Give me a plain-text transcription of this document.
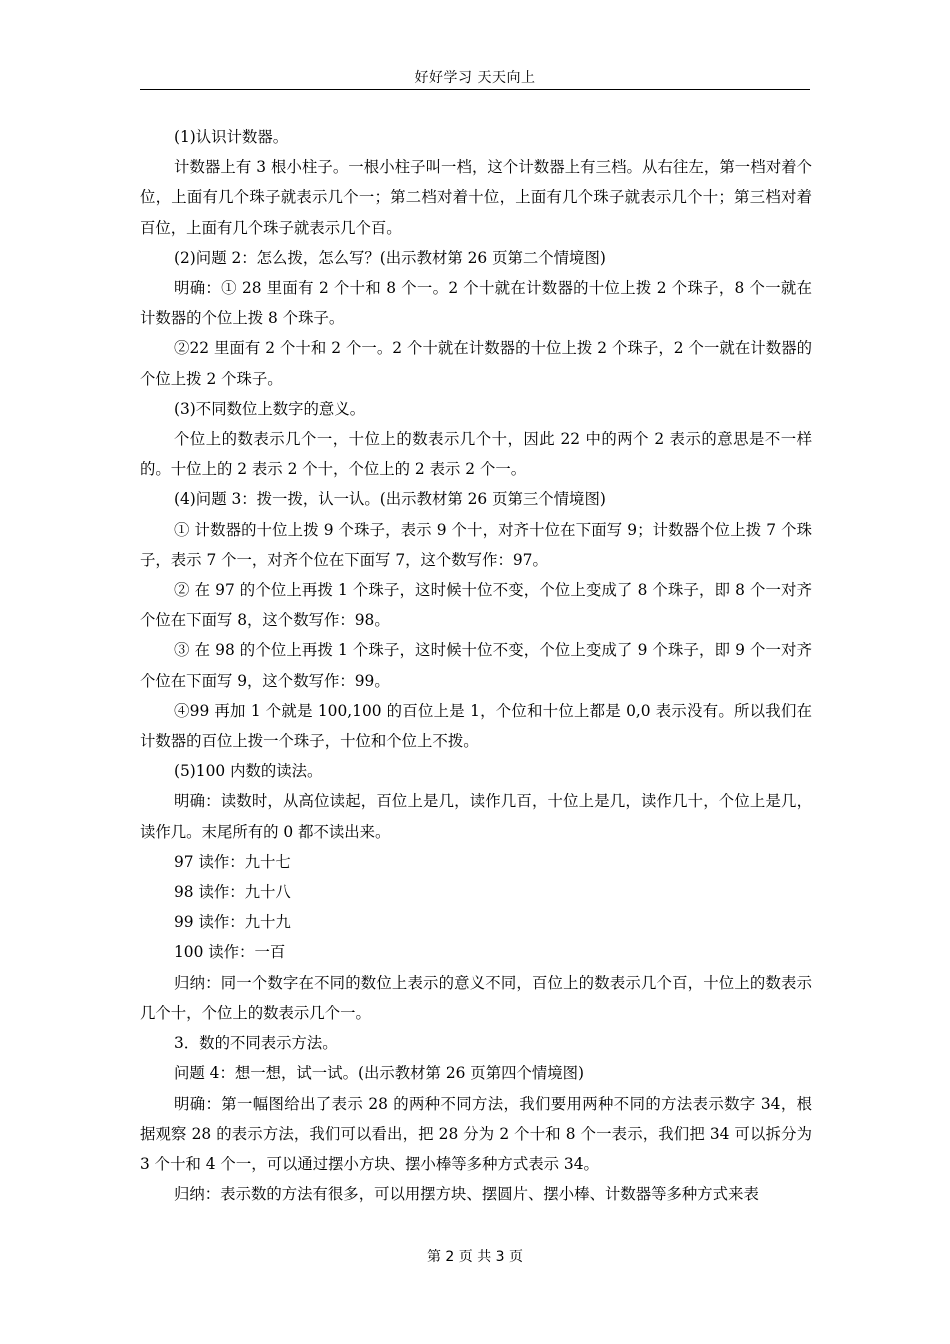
好好学习 天天向上

(1)认识计数器。

计数器上有 3 根小柱子。一根小柱子叫一档，这个计数器上有三档。从右往左，第一档对着个位，上面有几个珠子就表示几个一；第二档对着十位，上面有几个珠子就表示几个十；第三档对着百位，上面有几个珠子就表示几个百。

(2)问题 2：怎么拨，怎么写？(出示教材第 26 页第二个情境图)

明确：① 28 里面有 2 个十和 8 个一。2 个十就在计数器的十位上拨 2 个珠子，8 个一就在计数器的个位上拨 8 个珠子。

②22 里面有 2 个十和 2 个一。2 个十就在计数器的十位上拨 2 个珠子，2 个一就在计数器的个位上拨 2 个珠子。

(3)不同数位上数字的意义。

个位上的数表示几个一，十位上的数表示几个十，因此 22 中的两个 2 表示的意思是不一样的。十位上的 2 表示 2 个十，个位上的 2 表示 2 个一。

(4)问题 3：拨一拨，认一认。(出示教材第 26 页第三个情境图)

① 计数器的十位上拨 9 个珠子，表示 9 个十，对齐十位在下面写 9；计数器个位上拨 7 个珠子，表示 7 个一，对齐个位在下面写 7，这个数写作：97。

② 在 97 的个位上再拨 1 个珠子，这时候十位不变，个位上变成了 8 个珠子，即 8 个一对齐个位在下面写 8，这个数写作：98。

③ 在 98 的个位上再拨 1 个珠子，这时候十位不变，个位上变成了 9 个珠子，即 9 个一对齐个位在下面写 9，这个数写作：99。

④99 再加 1 个就是 100,100 的百位上是 1，个位和十位上都是 0,0 表示没有。所以我们在计数器的百位上拨一个珠子，十位和个位上不拨。

(5)100 内数的读法。

明确：读数时，从高位读起，百位上是几，读作几百，十位上是几，读作几十，个位上是几，读作几。末尾所有的 0 都不读出来。

97 读作：九十七

98 读作：九十八

99 读作：九十九

100 读作：一百

归纳：同一个数字在不同的数位上表示的意义不同，百位上的数表示几个百，十位上的数表示几个十，个位上的数表示几个一。

3．数的不同表示方法。

问题 4：想一想，试一试。(出示教材第 26 页第四个情境图)

明确：第一幅图给出了表示 28 的两种不同方法，我们要用两种不同的方法表示数字 34，根据观察 28 的表示方法，我们可以看出，把 28 分为 2 个十和 8 个一表示，我们把 34 可以拆分为 3 个十和 4 个一，可以通过摆小方块、摆小棒等多种方式表示 34。

归纳：表示数的方法有很多，可以用摆方块、摆圆片、摆小棒、计数器等多种方式来表

第 2 页 共 3 页
